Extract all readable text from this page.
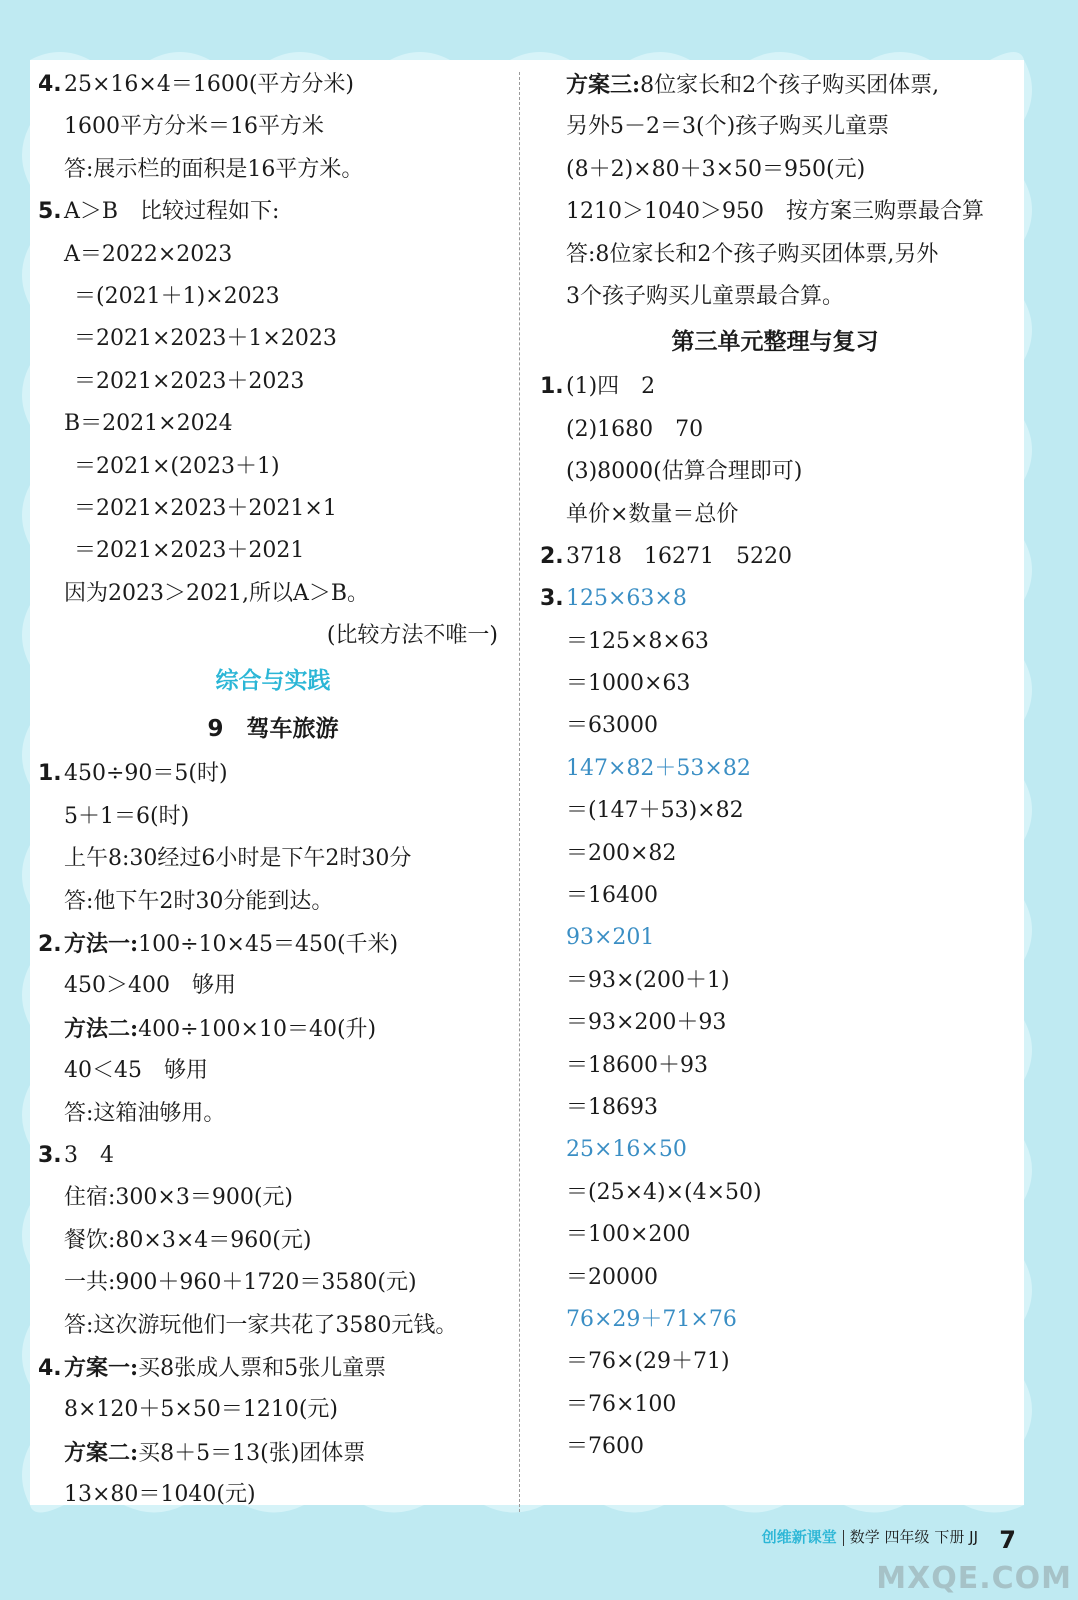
4. 25×16×4＝1600(平方分米)
1600平方分米＝16平方米
答:展示栏的面积是16平方米。
5. A＞B　比较过程如下:
A＝2022×2023
＝(2021＋1)×2023
＝2021×2023＋1×2023
＝2021×2023＋2023
B＝2021×2024
＝2021×(2023＋1)
＝2021×2023＋2021×1
＝2021×2023＋2021
因为2023＞2021,所以A＞B。
(比较方法不唯一)
综合与实践
9　驾车旅游
1. 450÷90＝5(时)
5＋1＝6(时)
上午8:30经过6小时是下午2时30分
答:他下午2时30分能到达。
2. 方法一:100÷10×45＝450(千米)
450＞400　够用
方法二:400÷100×10＝40(升)
40＜45　够用
答:这箱油够用。
3. 3　4
住宿:300×3＝900(元)
餐饮:80×3×4＝960(元)
一共:900＋960＋1720＝3580(元)
答:这次游玩他们一家共花了3580元钱。
4. 方案一:买8张成人票和5张儿童票
8×120＋5×50＝1210(元)
方案二:买8＋5＝13(张)团体票
13×80＝1040(元)
方案三:8位家长和2个孩子购买团体票,
另外5－2＝3(个)孩子购买儿童票
(8＋2)×80＋3×50＝950(元)
1210＞1040＞950　按方案三购票最合算
答:8位家长和2个孩子购买团体票,另外
3个孩子购买儿童票最合算。
第三单元整理与复习
1. (1)四　2
(2)1680　70
(3)8000(估算合理即可)
单价×数量＝总价
2. 3718　16271　5220
3. 125×63×8
＝125×8×63
＝1000×63
＝63000
147×82＋53×82
＝(147＋53)×82
＝200×82
＝16400
93×201
＝93×(200＋1)
＝93×200＋93
＝18600＋93
＝18693
25×16×50
＝(25×4)×(4×50)
＝100×200
＝20000
76×29＋71×76
＝76×(29＋71)
＝76×100
＝7600
创维新课堂 数学 四年级 下册 JJ 7
MXQE.COM
